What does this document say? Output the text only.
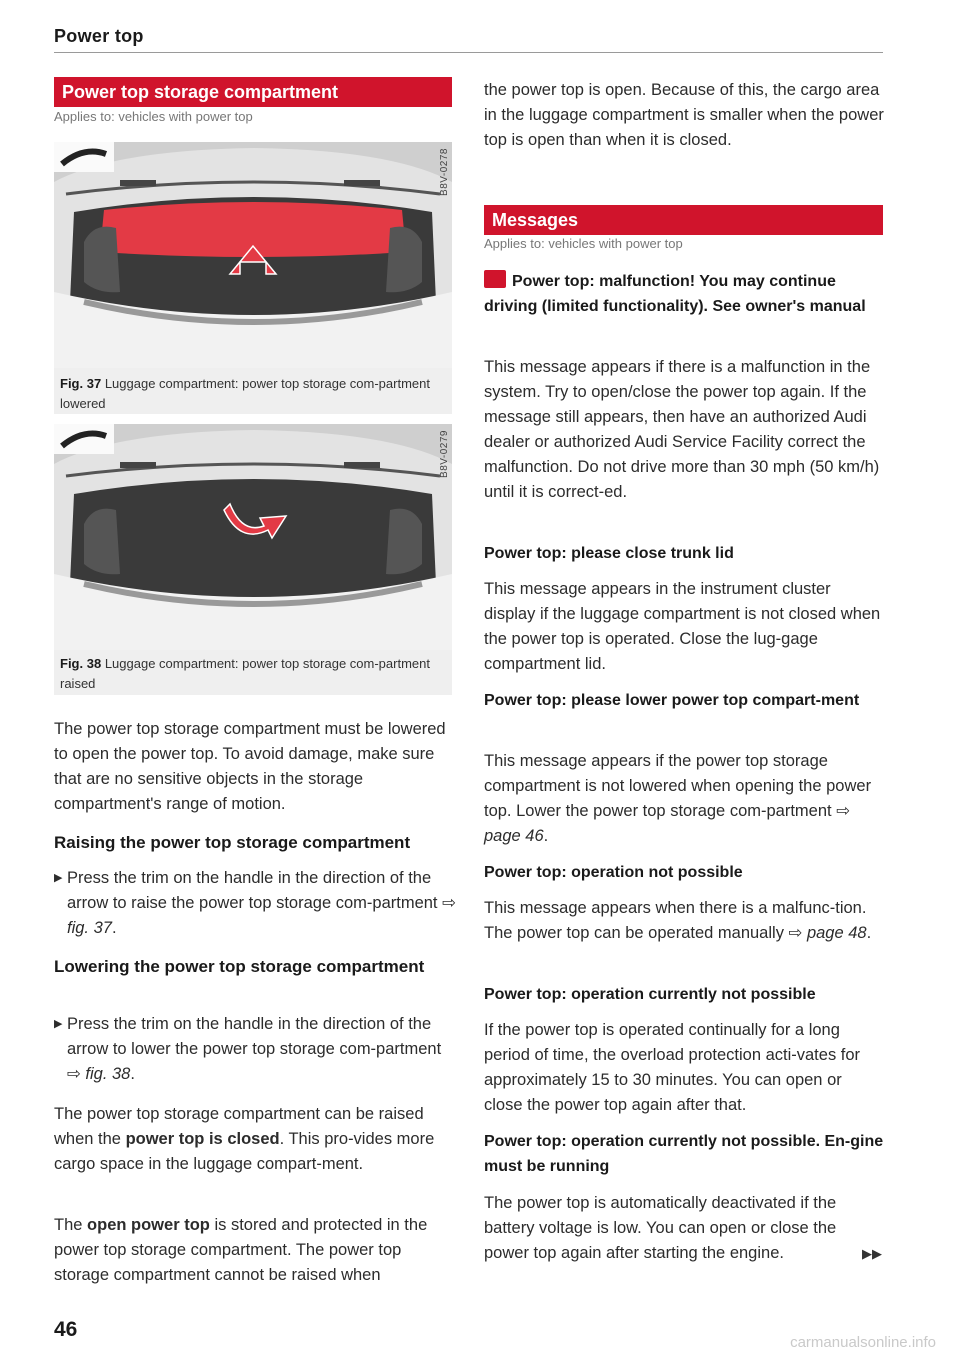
Power top
Power top storage compartment
Applies to: vehicles with power top
B8V-0278
Fig. 37 Luggage compartment: power top storage com-partment lowered
B8V-0279
Fig. 38 Luggage compartment: power top storage com-partment raised

The power top storage compartment must be lowered to open the power top. To avoid damage, make sure that are no sensitive objects in the storage compartment's range of motion.

Raising the power top storage compartment
▶ Press the trim on the handle in the direction of the arrow to raise the power top storage com-partment ⇨ fig. 37.
Lowering the power top storage compartment
▶ Press the trim on the handle in the direction of the arrow to lower the power top storage com-partment ⇨ fig. 38.

The power top storage compartment can be raised when the power top is closed. This pro-vides more cargo space in the luggage compart-ment.

The open power top is stored and protected in the power top storage compartment. The power top storage compartment cannot be raised when

the power top is open. Because of this, the cargo area in the luggage compartment is smaller when the power top is open than when it is closed.

Messages
Applies to: vehicles with power top
Power top: malfunction! You may continue driving (limited functionality). See owner's manual

This message appears if there is a malfunction in the system. Try to open/close the power top again. If the message still appears, then have an authorized Audi dealer or authorized Audi Service Facility correct the malfunction. Do not drive more than 30 mph (50 km/h) until it is correct-ed.

Power top: please close trunk lid

This message appears in the instrument cluster display if the luggage compartment is not closed when the power top is operated. Close the lug-gage compartment lid.

Power top: please lower power top compart-ment

This message appears if the power top storage compartment is not lowered when opening the power top. Lower the power top storage com-partment ⇨ page 46.

Power top: operation not possible

This message appears when there is a malfunc-tion. The power top can be operated manually ⇨ page 48.

Power top: operation currently not possible

If the power top is operated continually for a long period of time, the overload protection acti-vates for approximately 15 to 30 minutes. You can open or close the power top again after that.

Power top: operation currently not possible. En-gine must be running

The power top is automatically deactivated if the battery voltage is low. You can open or close the power top again after starting the engine.	▶▶
46
carmanualsonline.info
